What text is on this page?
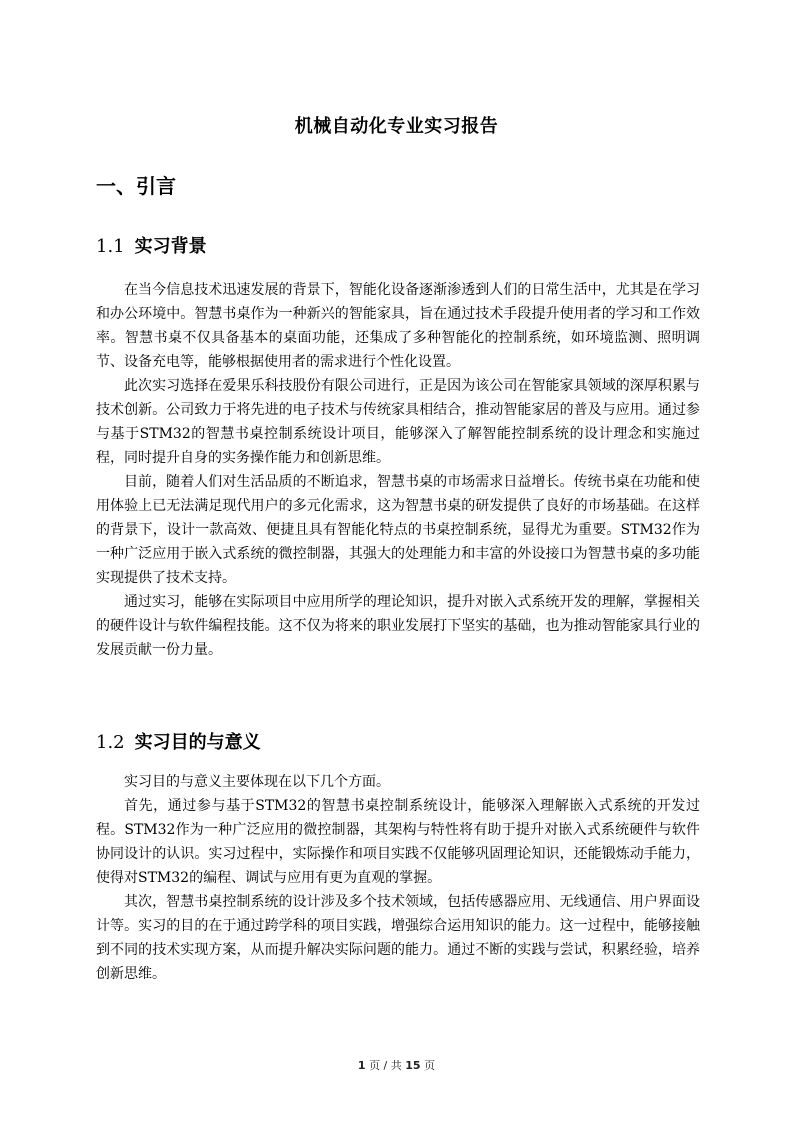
机械自动化专业实习报告
一、引言
1.1 实习背景

在当今信息技术迅速发展的背景下，智能化设备逐渐渗透到人们的日常生活中，尤其是在学习和办公环境中。智慧书桌作为一种新兴的智能家具，旨在通过技术手段提升使用者的学习和工作效率。智慧书桌不仅具备基本的桌面功能，还集成了多种智能化的控制系统，如环境监测、照明调节、设备充电等，能够根据使用者的需求进行个性化设置。

此次实习选择在爱果乐科技股份有限公司进行，正是因为该公司在智能家具领域的深厚积累与技术创新。公司致力于将先进的电子技术与传统家具相结合，推动智能家居的普及与应用。通过参与基于STM32的智慧书桌控制系统设计项目，能够深入了解智能控制系统的设计理念和实施过程，同时提升自身的实务操作能力和创新思维。

目前，随着人们对生活品质的不断追求，智慧书桌的市场需求日益增长。传统书桌在功能和使用体验上已无法满足现代用户的多元化需求，这为智慧书桌的研发提供了良好的市场基础。在这样的背景下，设计一款高效、便捷且具有智能化特点的书桌控制系统，显得尤为重要。STM32作为一种广泛应用于嵌入式系统的微控制器，其强大的处理能力和丰富的外设接口为智慧书桌的多功能实现提供了技术支持。

通过实习，能够在实际项目中应用所学的理论知识，提升对嵌入式系统开发的理解，掌握相关的硬件设计与软件编程技能。这不仅为将来的职业发展打下坚实的基础，也为推动智能家具行业的发展贡献一份力量。

1.2 实习目的与意义

实习目的与意义主要体现在以下几个方面。

首先，通过参与基于STM32的智慧书桌控制系统设计，能够深入理解嵌入式系统的开发过程。STM32作为一种广泛应用的微控制器，其架构与特性将有助于提升对嵌入式系统硬件与软件协同设计的认识。实习过程中，实际操作和项目实践不仅能够巩固理论知识，还能锻炼动手能力，使得对STM32的编程、调试与应用有更为直观的掌握。

其次，智慧书桌控制系统的设计涉及多个技术领域，包括传感器应用、无线通信、用户界面设计等。实习的目的在于通过跨学科的项目实践，增强综合运用知识的能力。这一过程中，能够接触到不同的技术实现方案，从而提升解决实际问题的能力。通过不断的实践与尝试，积累经验，培养创新思维。

1 页 / 共 15 页
